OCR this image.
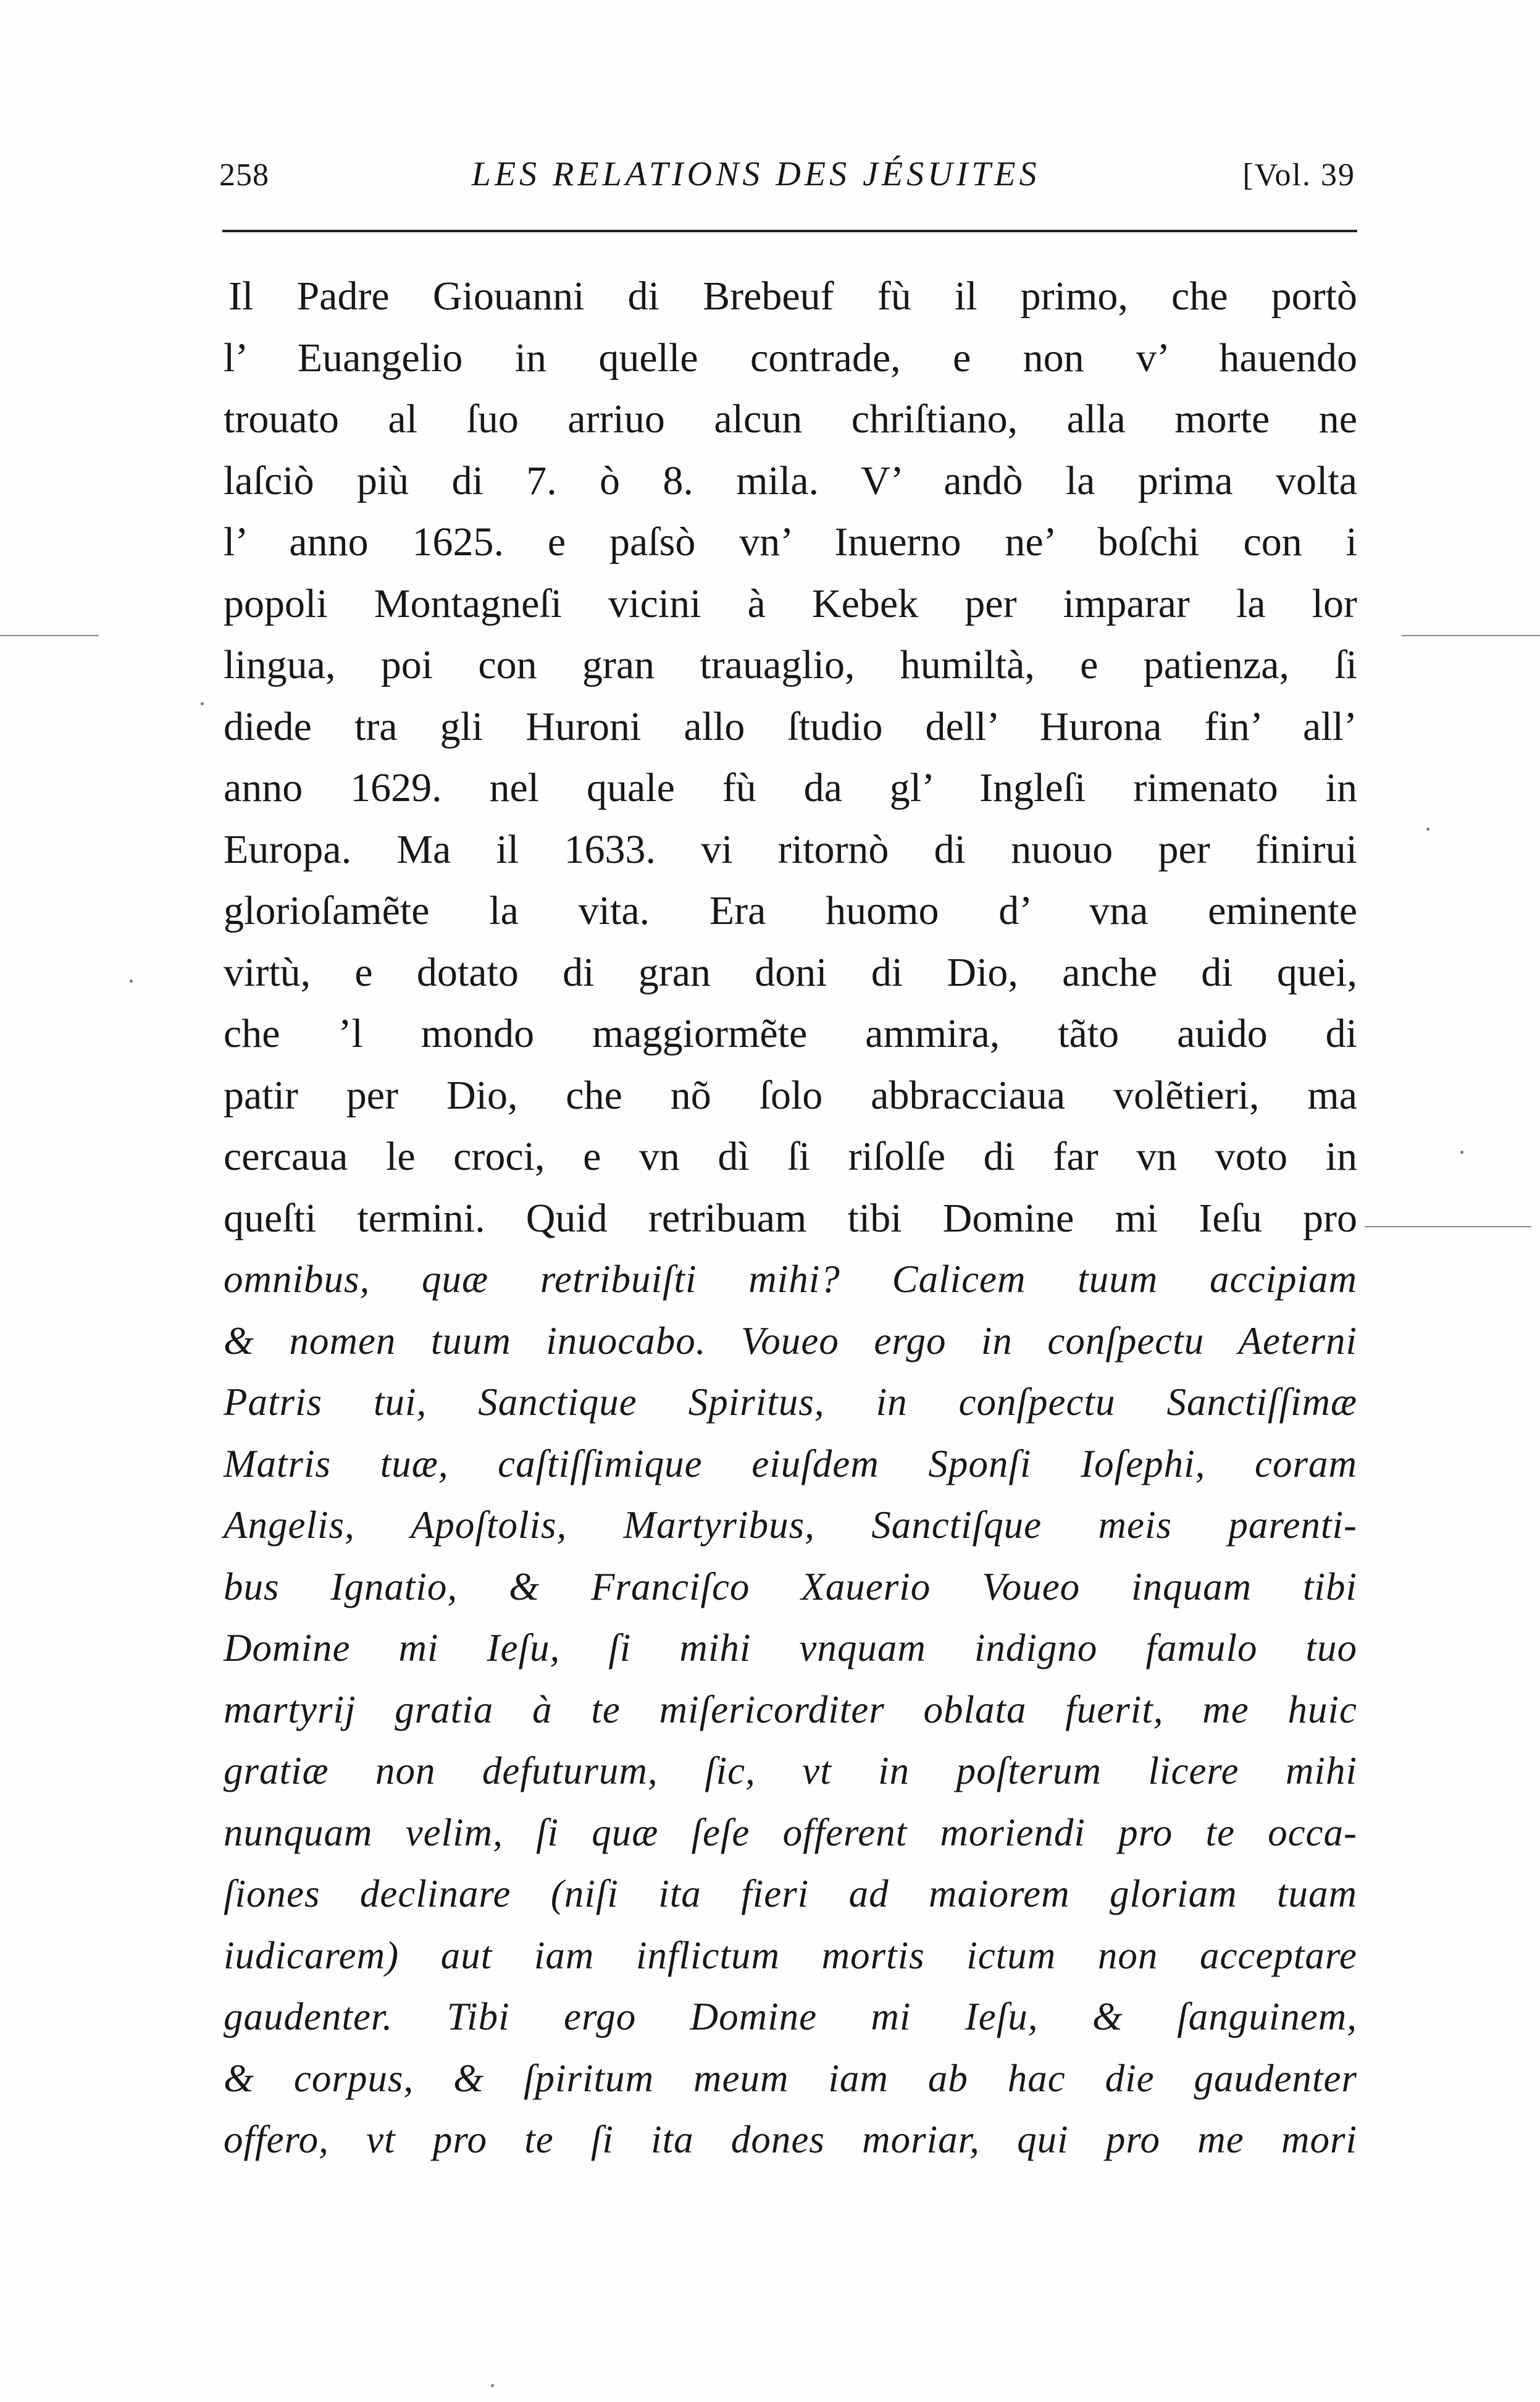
258	LES RELATIONS DES JÉSUITES	[Vol. 39
Il Padre Giouanni di Brebeuf fù il primo, che portò
l’ Euangelio in quelle contrade, e non v’ hauendo
trouato al ſuo arriuo alcun chriſtiano, alla morte ne
laſciò più di 7. ò 8. mila. V’ andò la prima volta
l’ anno 1625. e paſsò vn’ Inuerno ne’ boſchi con i
popoli Montagneſi vicini à Kebek per imparar la lor
lingua, poi con gran trauaglio, humiltà, e patienza, ſi
diede tra gli Huroni allo ſtudio dell’ Hurona fin’ all’
anno 1629. nel quale fù da gl’ Ingleſi rimenato in
Europa. Ma il 1633. vi ritornò di nuouo per finirui
glorioſamẽte la vita. Era huomo d’ vna eminente
virtù, e dotato di gran doni di Dio, anche di quei,
che ’l mondo maggiormẽte ammira, tãto auido di
patir per Dio, che nõ ſolo abbracciaua volẽtieri, ma
cercaua le croci, e vn dì ſi riſolſe di far vn voto in
queſti termini. Quid retribuam tibi Domine mi Ieſu pro
omnibus, quæ retribuiſti mihi? Calicem tuum accipiam
& nomen tuum inuocabo. Voueo ergo in conſpectu Aeterni
Patris tui, Sanctique Spiritus, in conſpectu Sanctiſſimæ
Matris tuæ, caſtiſſimique eiuſdem Sponſi Ioſephi, coram
Angelis, Apoſtolis, Martyribus, Sanctiſque meis parenti-
bus Ignatio, & Franciſco Xauerio Voueo inquam tibi
Domine mi Ieſu, ſi mihi vnquam indigno famulo tuo
martyrij gratia à te miſericorditer oblata fuerit, me huic
gratiæ non defuturum, ſic, vt in poſterum licere mihi
nunquam velim, ſi quæ ſeſe offerent moriendi pro te occa-
ſiones declinare (niſi ita fieri ad maiorem gloriam tuam
iudicarem) aut iam inflictum mortis ictum non acceptare
gaudenter. Tibi ergo Domine mi Ieſu, & ſanguinem,
& corpus, & ſpiritum meum iam ab hac die gaudenter
offero, vt pro te ſi ita dones moriar, qui pro me mori
